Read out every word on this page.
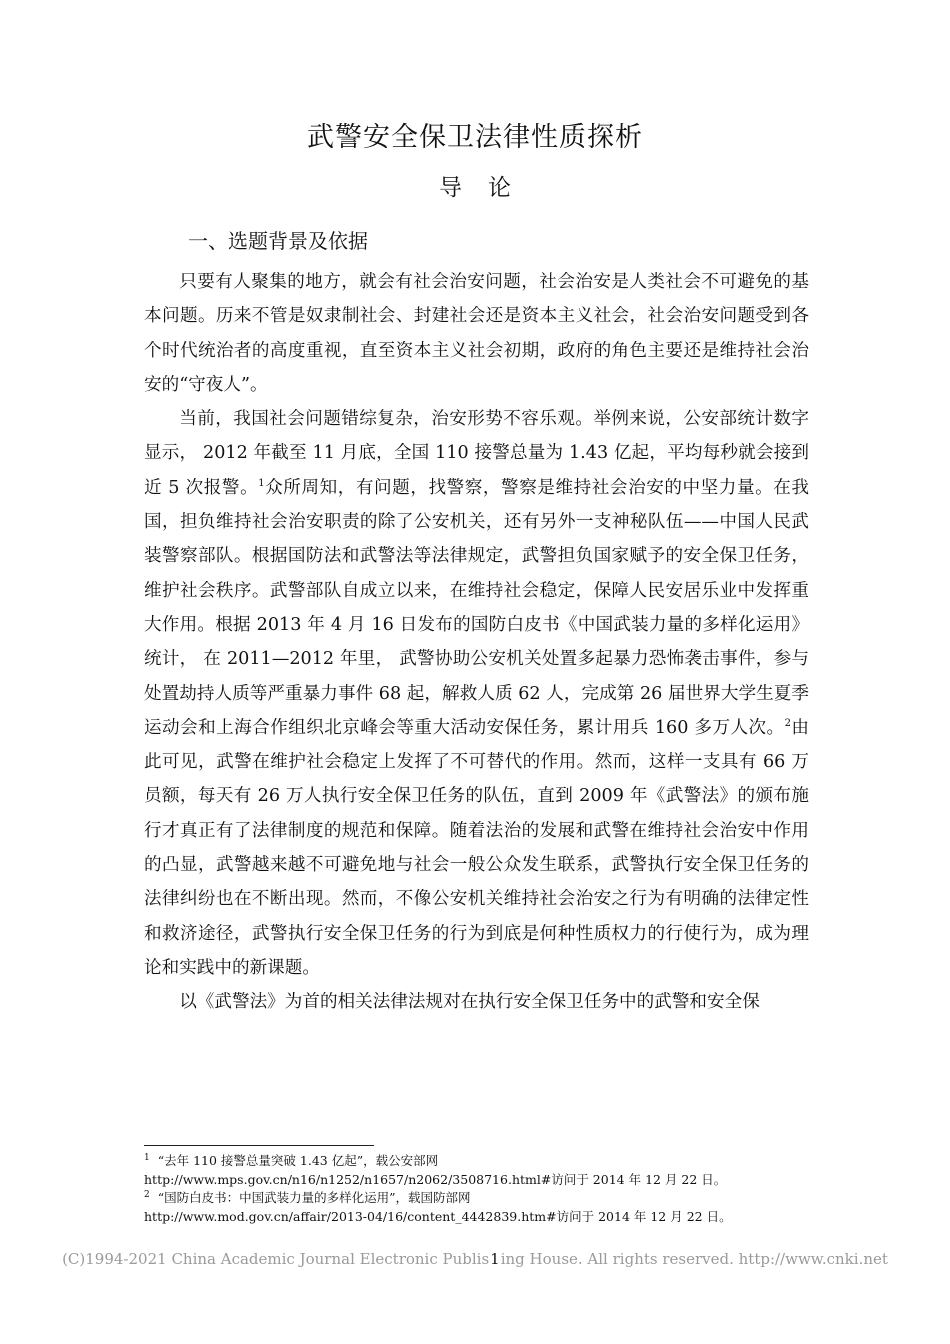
武警安全保卫法律性质探析
导论
一、选题背景及依据

只要有人聚集的地方，就会有社会治安问题，社会治安是人类社会不可避免的基本问题。历来不管是奴隶制社会、封建社会还是资本主义社会，社会治安问题受到各个时代统治者的高度重视，直至资本主义社会初期，政府的角色主要还是维持社会治安的“守夜人”。

当前，我国社会问题错综复杂，治安形势不容乐观。举例来说，公安部统计数字显示， 2012 年截至 11 月底，全国 110 接警总量为 1.43 亿起，平均每秒就会接到近 5 次报警。$^1$众所周知，有问题，找警察，警察是维持社会治安的中坚力量。在我国，担负维持社会治安职责的除了公安机关，还有另外一支神秘队伍——中国人民武装警察部队。根据国防法和武警法等法律规定，武警担负国家赋予的安全保卫任务，维护社会秩序。武警部队自成立以来，在维持社会稳定，保障人民安居乐业中发挥重大作用。根据 2013 年 4 月 16 日发布的国防白皮书《中国武装力量的多样化运用》统计， 在 2011—2012 年里， 武警协助公安机关处置多起暴力恐怖袭击事件，参与处置劫持人质等严重暴力事件 68 起，解救人质 62 人，完成第 26 届世界大学生夏季运动会和上海合作组织北京峰会等重大活动安保任务，累计用兵 160 多万人次。$^2$由此可见，武警在维护社会稳定上发挥了不可替代的作用。然而，这样一支具有 66 万员额，每天有 26 万人执行安全保卫任务的队伍，直到 2009 年《武警法》的颁布施行才真正有了法律制度的规范和保障。随着法治的发展和武警在维持社会治安中作用的凸显，武警越来越不可避免地与社会一般公众发生联系，武警执行安全保卫任务的法律纠纷也在不断出现。然而，不像公安机关维持社会治安之行为有明确的法律定性和救济途径，武警执行安全保卫任务的行为到底是何种性质权力的行使行为，成为理论和实践中的新课题。

以《武警法》为首的相关法律法规对在执行安全保卫任务中的武警和安全保

$^1$ “去年 110 接警总量突破 1.43 亿起”，载公安部网
http://www.mps.gov.cn/n16/n1252/n1657/n2062/3508716.html#访问于 2014 年 12 月 22 日。
$^2$ “国防白皮书：中国武装力量的多样化运用”，载国防部网
http://www.mod.gov.cn/affair/2013-04/16/content_4442839.htm#访问于 2014 年 12 月 22 日。
(C)1994-2021 China Academic Journal Electronic Publis1ing House. All rights reserved. http://www.cnki.net
